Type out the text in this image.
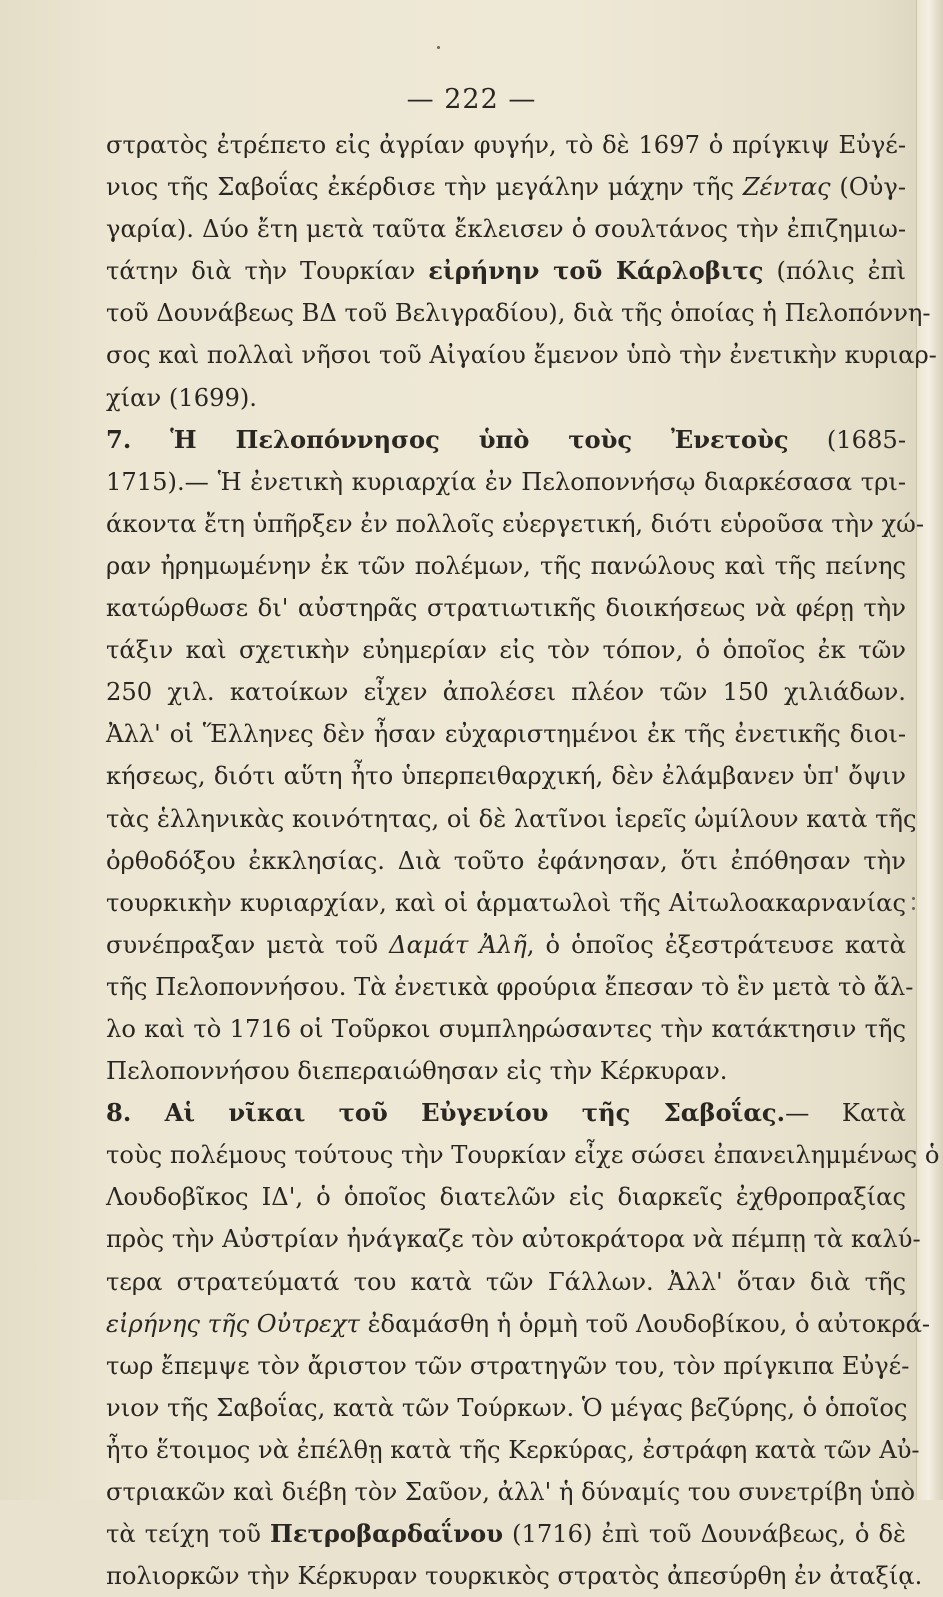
— 222 —
στρατὸς ἐτρέπετο εἰς ἀγρίαν φυγήν, τὸ δὲ 1697 ὁ πρίγκιψ Εὐγέ-
νιος τῆς Σαβοΐας ἐκέρδισε τὴν μεγάλην μάχην τῆς Ζέντας (Οὐγ-
γαρία). Δύο ἔτη μετὰ ταῦτα ἔκλεισεν ὁ σουλτάνος τὴν ἐπιζημιω-
τάτην διὰ τὴν Τουρκίαν εἰρήνην τοῦ Κάρλοβιτς (πόλις ἐπὶ
τοῦ Δουνάβεως ΒΔ τοῦ Βελιγραδίου), διὰ τῆς ὁποίας ἡ Πελοπόννη-
σος καὶ πολλαὶ νῆσοι τοῦ Αἰγαίου ἔμενον ὑπὸ τὴν ἐνετικὴν κυριαρ-
χίαν (1699).
7. Ἡ Πελοπόννησος ὑπὸ τοὺς Ἐνετοὺς (1685-
1715).— Ἡ ἐνετικὴ κυριαρχία ἐν Πελοποννήσῳ διαρκέσασα τρι-
άκοντα ἔτη ὑπῆρξεν ἐν πολλοῖς εὐεργετική, διότι εὑροῦσα τὴν χώ-
ραν ἠρημωμένην ἐκ τῶν πολέμων, τῆς πανώλους καὶ τῆς πείνης
κατώρθωσε δι' αὐστηρᾶς στρατιωτικῆς διοικήσεως νὰ φέρῃ τὴν
τάξιν καὶ σχετικὴν εὐημερίαν εἰς τὸν τόπον, ὁ ὁποῖος ἐκ τῶν
250 χιλ. κατοίκων εἶχεν ἀπολέσει πλέον τῶν 150 χιλιάδων.
Ἀλλ' οἱ Ἕλληνες δὲν ἦσαν εὐχαριστημένοι ἐκ τῆς ἐνετικῆς διοι-
κήσεως, διότι αὕτη ἦτο ὑπερπειθαρχική, δὲν ἐλάμβανεν ὑπ' ὄψιν
τὰς ἑλληνικὰς κοινότητας, οἱ δὲ λατῖνοι ἱερεῖς ὠμίλουν κατὰ τῆς
ὀρθοδόξου ἐκκλησίας. Διὰ τοῦτο ἐφάνησαν, ὅτι ἐπόθησαν τὴν
τουρκικὴν κυριαρχίαν, καὶ οἱ ἁρματωλοὶ τῆς Αἰτωλοακαρνανίας
συνέπραξαν μετὰ τοῦ Δαμάτ Ἀλῆ, ὁ ὁποῖος ἐξεστράτευσε κατὰ
τῆς Πελοποννήσου. Τὰ ἐνετικὰ φρούρια ἔπεσαν τὸ ἓν μετὰ τὸ ἄλ-
λο καὶ τὸ 1716 οἱ Τοῦρκοι συμπληρώσαντες τὴν κατάκτησιν τῆς
Πελοποννήσου διεπεραιώθησαν εἰς τὴν Κέρκυραν.
8. Αἱ νῖκαι τοῦ Εὐγενίου τῆς Σαβοΐας.— Κατὰ
τοὺς πολέμους τούτους τὴν Τουρκίαν εἶχε σώσει ἐπανειλημμένως ὁ
Λουδοβῖκος ΙΔ', ὁ ὁποῖος διατελῶν εἰς διαρκεῖς ἐχθροπραξίας
πρὸς τὴν Αὐστρίαν ἠνάγκαζε τὸν αὐτοκράτορα νὰ πέμπῃ τὰ καλύ-
τερα στρατεύματά του κατὰ τῶν Γάλλων. Ἀλλ' ὅταν διὰ τῆς
εἰρήνης τῆς Οὐτρεχτ ἐδαμάσθη ἡ ὁρμὴ τοῦ Λουδοβίκου, ὁ αὐτοκρά-
τωρ ἔπεμψε τὸν ἄριστον τῶν στρατηγῶν του, τὸν πρίγκιπα Εὐγέ-
νιον τῆς Σαβοΐας, κατὰ τῶν Τούρκων. Ὁ μέγας βεζύρης, ὁ ὁποῖος
ἦτο ἕτοιμος νὰ ἐπέλθῃ κατὰ τῆς Κερκύρας, ἐστράφη κατὰ τῶν Αὐ-
στριακῶν καὶ διέβη τὸν Σαῦον, ἀλλ' ἡ δύναμίς του συνετρίβη ὑπὸ
τὰ τείχη τοῦ Πετροβαρδαΐνου (1716) ἐπὶ τοῦ Δουνάβεως, ὁ δὲ
πολιορκῶν τὴν Κέρκυραν τουρκικὸς στρατὸς ἀπεσύρθη ἐν ἀταξίᾳ.
